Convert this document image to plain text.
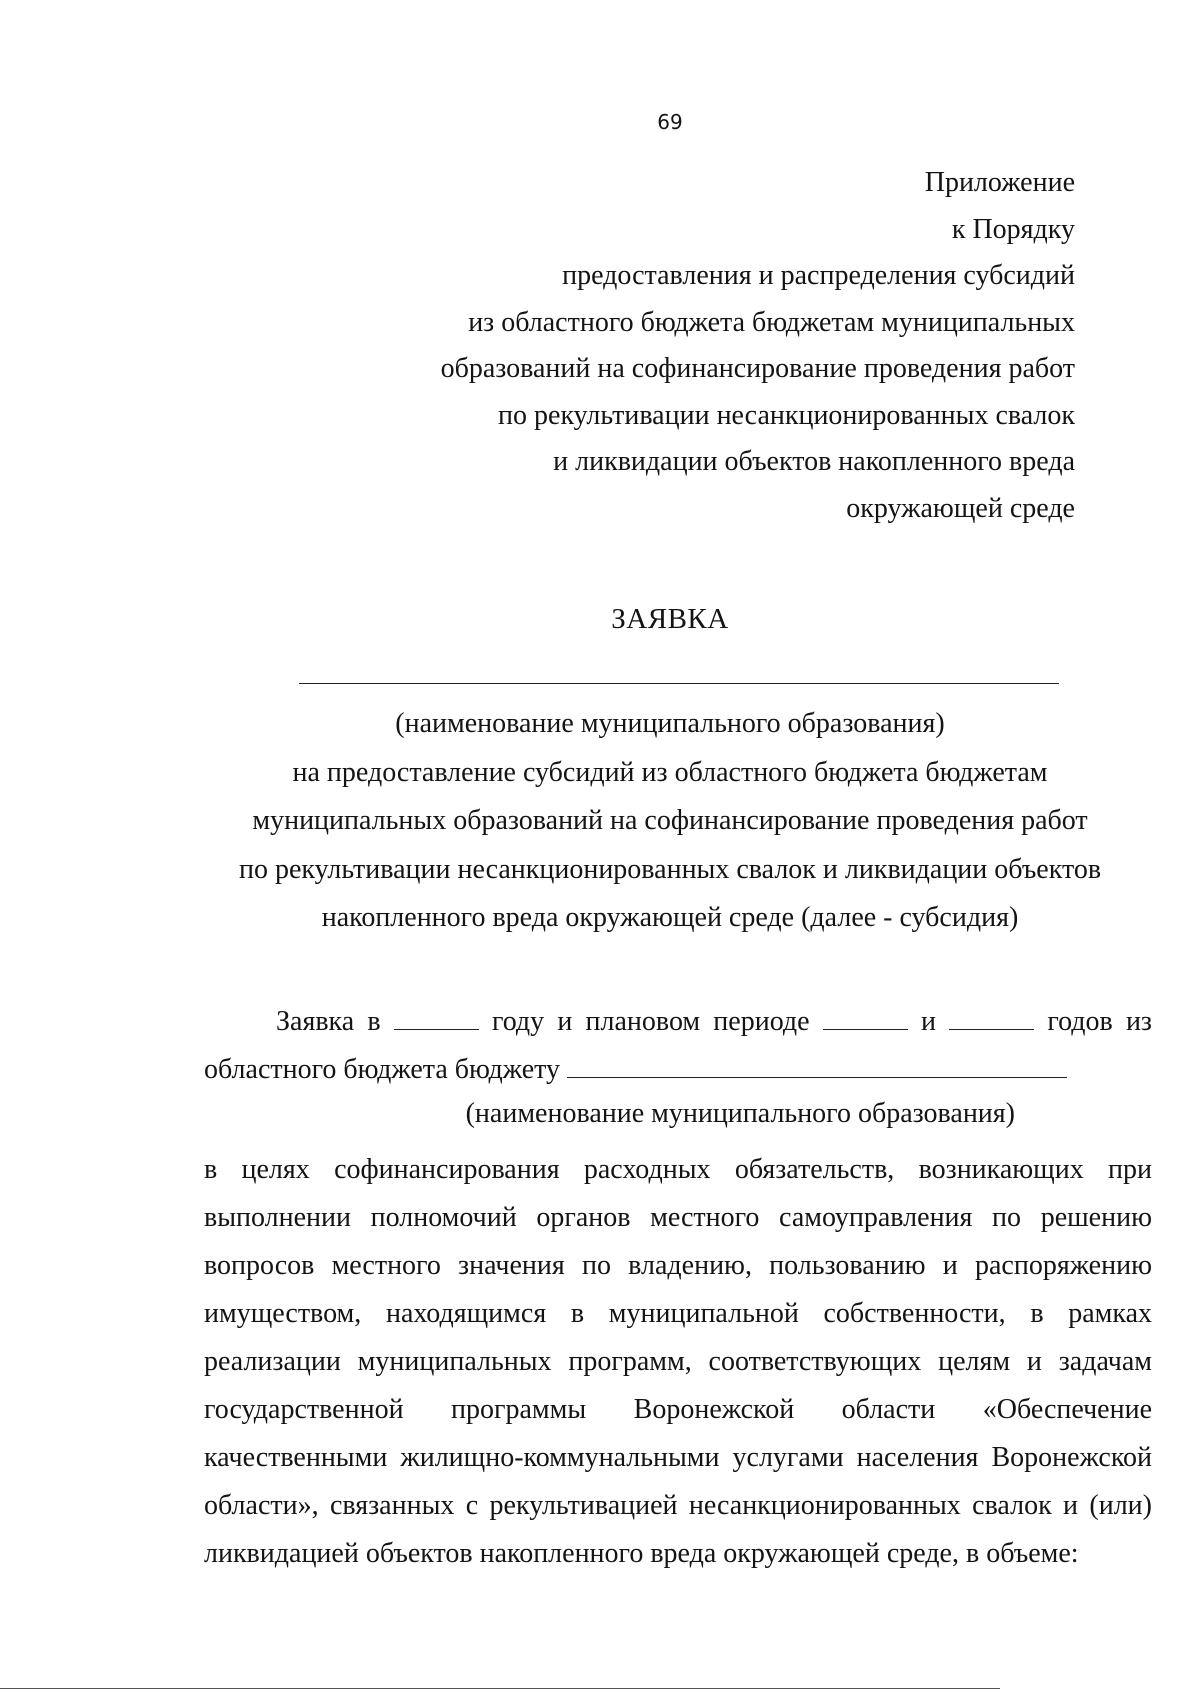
69
Приложение
к Порядку
предоставления и распределения субсидий
из областного бюджета бюджетам муниципальных
образований на софинансирование проведения работ
по рекультивации несанкционированных свалок
и ликвидации объектов накопленного вреда
окружающей среде
ЗАЯВКА
(наименование муниципального образования)
на предоставление субсидий из областного бюджета бюджетам
муниципальных образований на софинансирование проведения работ
по рекультивации несанкционированных свалок и ликвидации объектов
накопленного вреда окружающей среде (далее - субсидия)
Заявка в	году и плановом периоде	и	годов из
областного бюджета бюджету
(наименование муниципального образования)
в целях софинансирования расходных обязательств, возникающих при
выполнении полномочий органов местного самоуправления по решению
вопросов местного значения по владению, пользованию и распоряжению
имуществом, находящимся в муниципальной собственности, в рамках
реализации муниципальных программ, соответствующих целям и задачам
государственной программы Воронежской области «Обеспечение
качественными жилищно-коммунальными услугами населения Воронежской
области», связанных с рекультивацией несанкционированных свалок и (или)
ликвидацией объектов накопленного вреда окружающей среде, в объеме:
